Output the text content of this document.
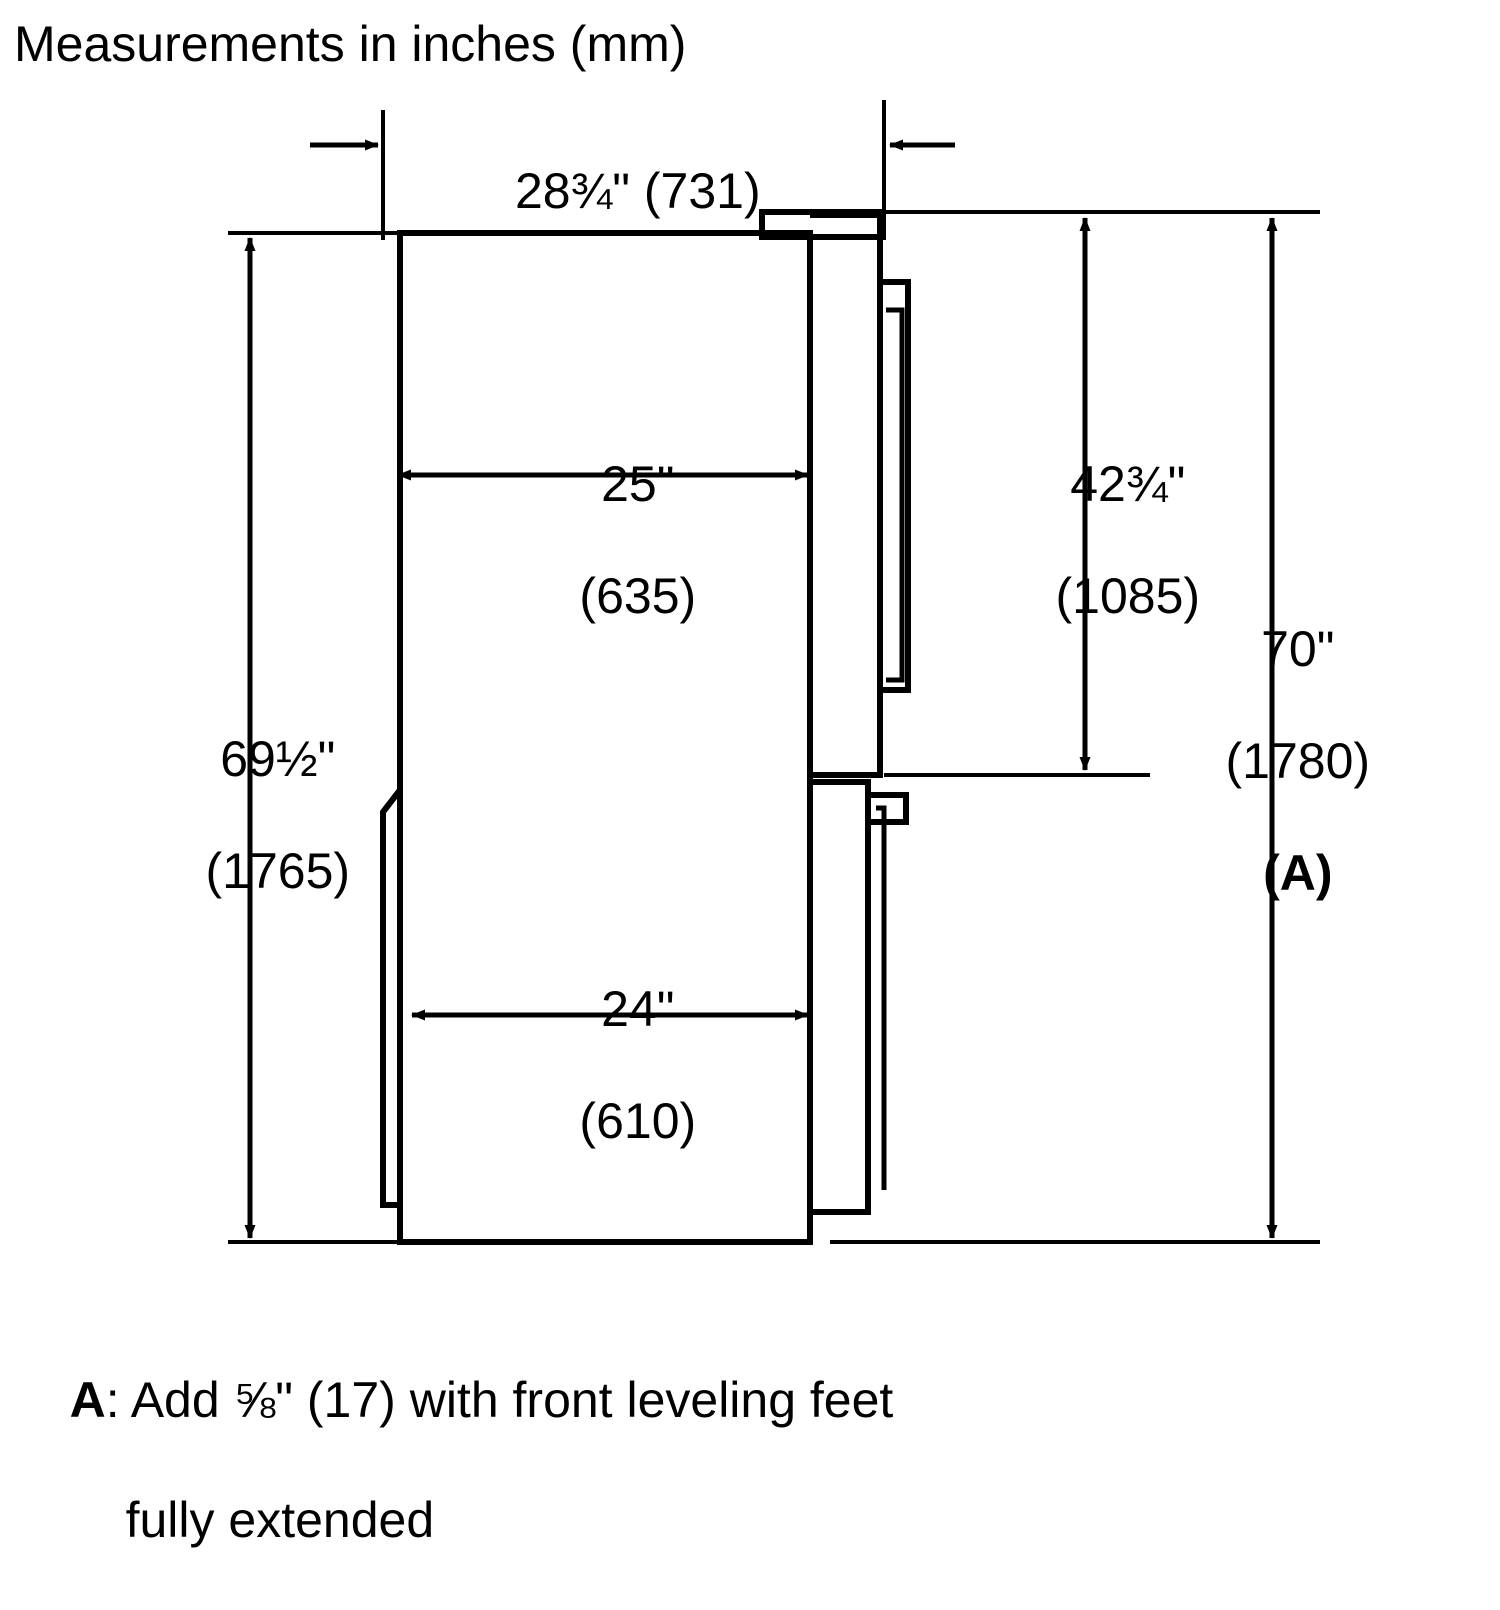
Measurements in inches (mm)

28¾" (731)

25"

(635)

24"

(610)

69½"

(1765)

42¾"

(1085)

70"

(1780)

(A)

A: Add ⅝" (17) with front leveling feet

fully extended
